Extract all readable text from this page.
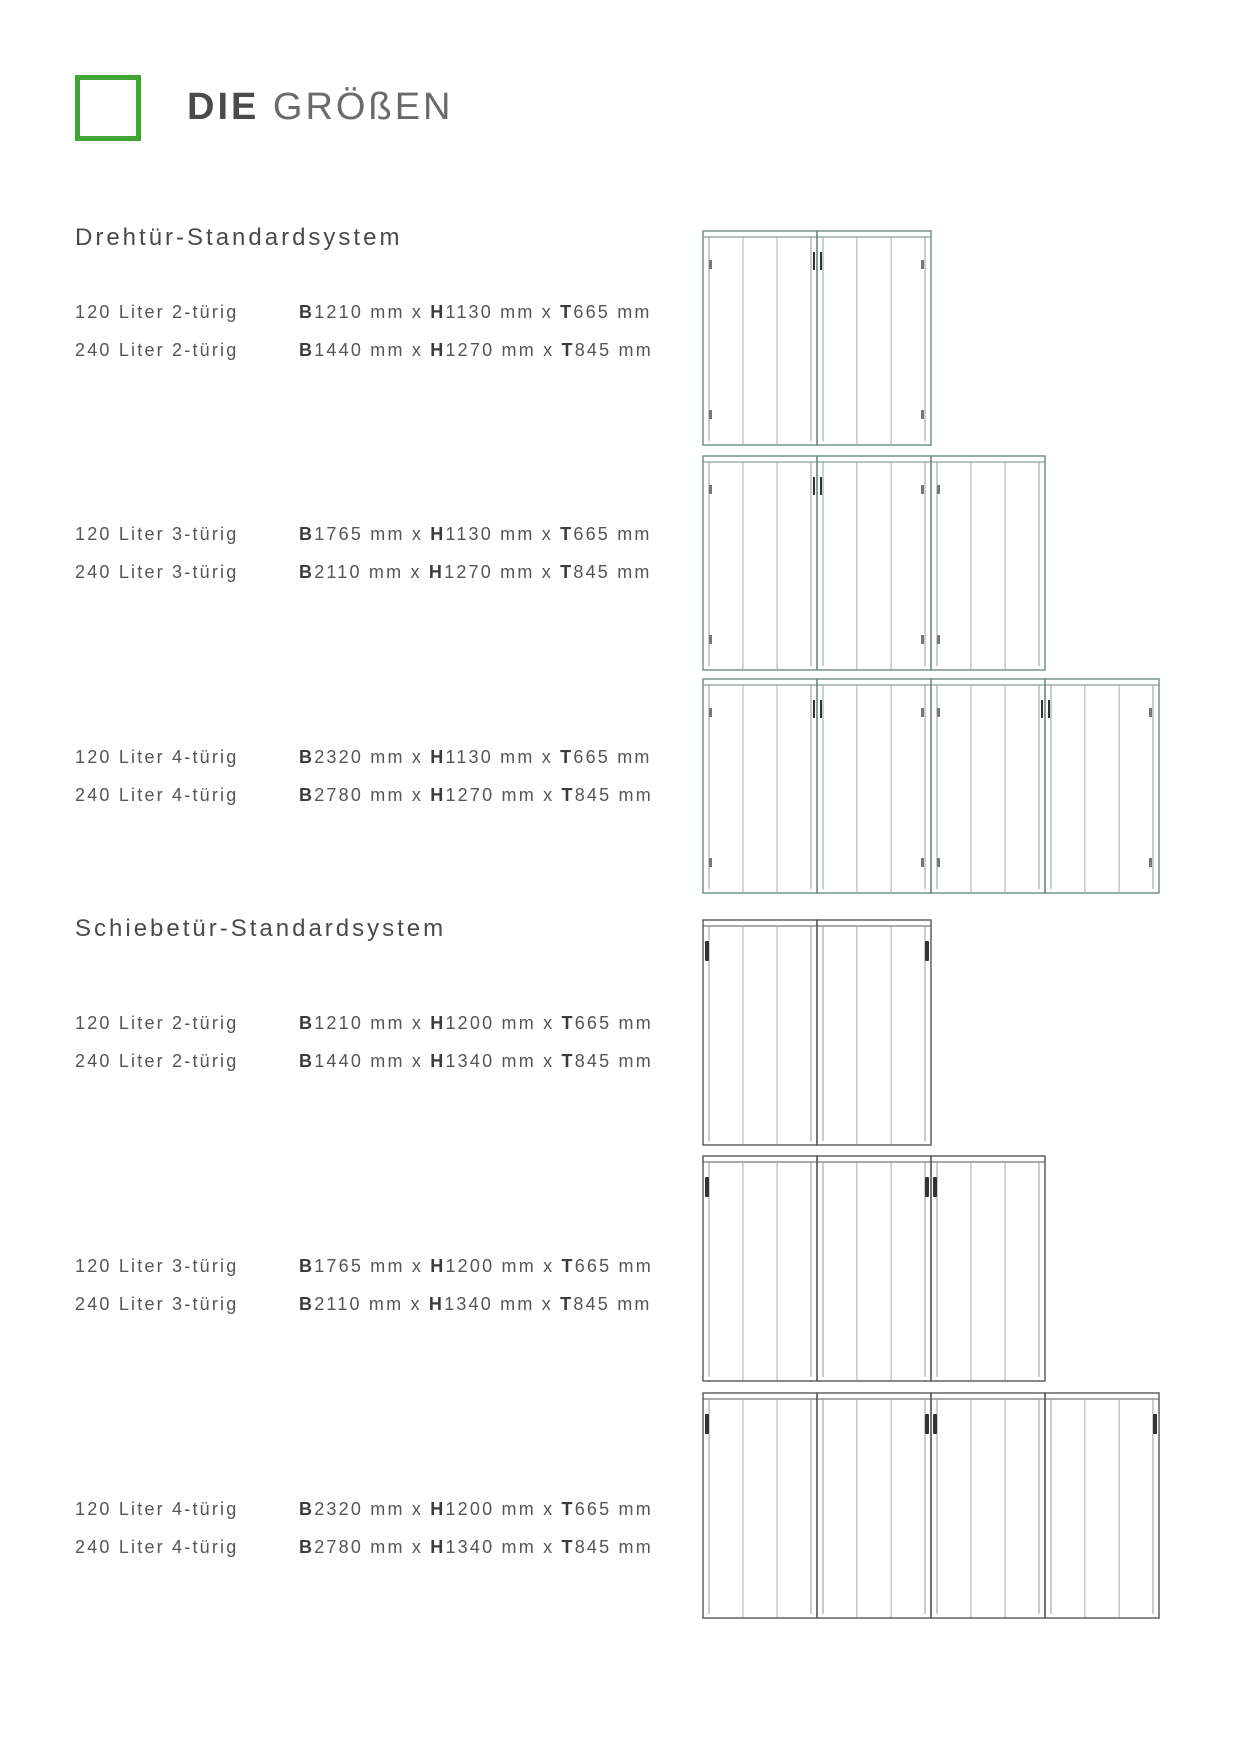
DIE GRÖßEN
Drehtür-Standardsystem
120 Liter 2-türig	B1210 mm x H1130 mm x T665 mm
240 Liter 2-türig	B1440 mm x H1270 mm x T845 mm
120 Liter 3-türig	B1765 mm x H1130 mm x T665 mm
240 Liter 3-türig	B2110 mm x H1270 mm x T845 mm
120 Liter 4-türig	B2320 mm x H1130 mm x T665 mm
240 Liter 4-türig	B2780 mm x H1270 mm x T845 mm
Schiebetür-Standardsystem
120 Liter 2-türig	B1210 mm x H1200 mm x T665 mm
240 Liter 2-türig	B1440 mm x H1340 mm x T845 mm
120 Liter 3-türig	B1765 mm x H1200 mm x T665 mm
240 Liter 3-türig	B2110 mm x H1340 mm x T845 mm
120 Liter 4-türig	B2320 mm x H1200 mm x T665 mm
240 Liter 4-türig	B2780 mm x H1340 mm x T845 mm
